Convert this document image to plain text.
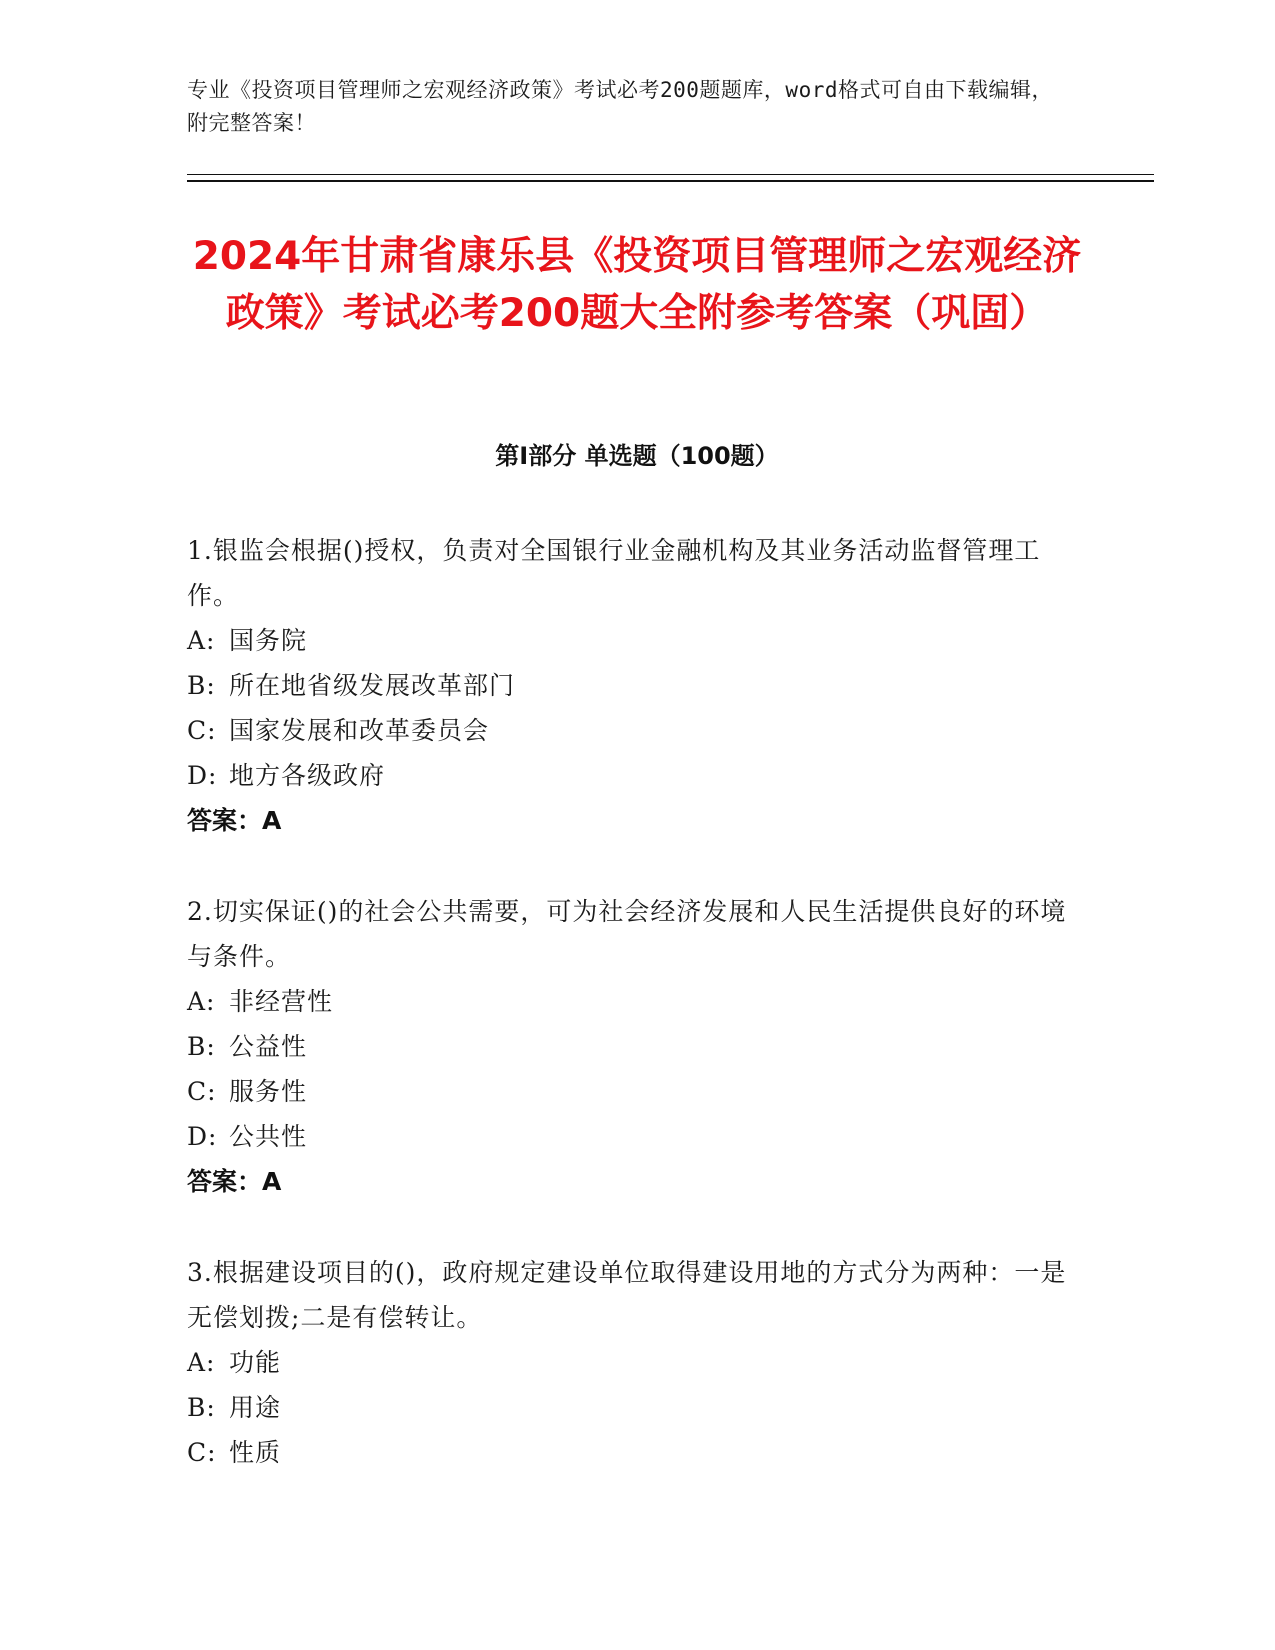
专业《投资项目管理师之宏观经济政策》考试必考200题题库，word格式可自由下载编辑，附完整答案！
2024年甘肃省康乐县《投资项目管理师之宏观经济政策》考试必考200题大全附参考答案（巩固）
第I部分 单选题（100题）
1.银监会根据()授权，负责对全国银行业金融机构及其业务活动监督管理工作。
A: 国务院
B: 所在地省级发展改革部门
C: 国家发展和改革委员会
D: 地方各级政府
答案：A
2.切实保证()的社会公共需要，可为社会经济发展和人民生活提供良好的环境与条件。
A: 非经营性
B: 公益性
C: 服务性
D: 公共性
答案：A
3.根据建设项目的()，政府规定建设单位取得建设用地的方式分为两种：一是无偿划拨;二是有偿转让。
A: 功能
B: 用途
C: 性质
